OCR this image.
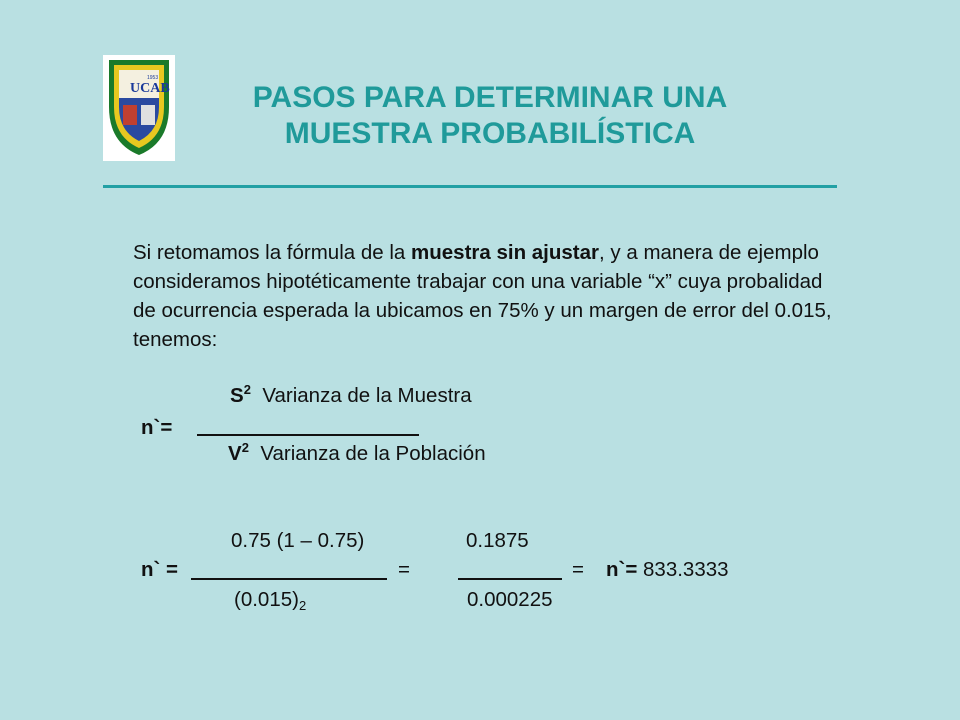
UCAB
1953
PASOS PARA DETERMINAR UNA
MUESTRA PROBABILÍSTICA
Si retomamos la fórmula de la muestra sin ajustar, y a manera de ejemplo consideramos hipotéticamente trabajar con una variable “x” cuya probalidad de ocurrencia esperada la ubicamos en 75% y un margen de error del 0.015, tenemos:
$S^2$ Varianza de la Muestra
n`=
$V^2$ Varianza de la Población
0.75 (1 – 0.75)	0.1875
n` =	=	= n`= 833.3333
$(0.015)_2$	0.000225
